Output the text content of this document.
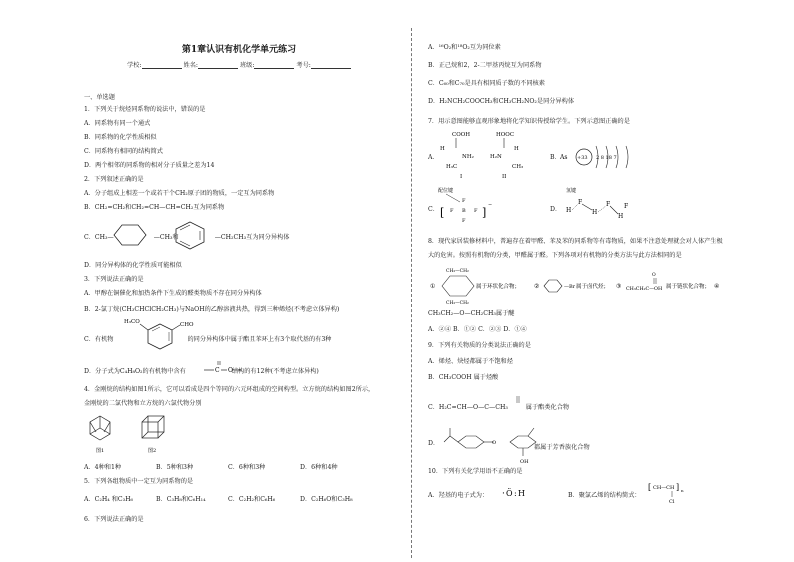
第1章认识有机化学单元练习
学校:	姓名:	班级:	考号:
一、单选题
1．下列关于烷烃同系物的说法中，错误的是
A．同系物有同一个通式
B．同系物的化学性质相似
C．同系物有相同的结构简式
D．两个相邻的同系物的相对分子质量之差为14
2．下列叙述正确的是
A．分子组成上相差一个或若干个CH₂原子团的物质，一定互为同系物
B．CH₂=CH₂和CH₂=CH—CH=CH₂互为同系物
C．CH₃—	—CH₃和	—CH₂CH₃互为同分异构体
D．同分异构体的化学性质可能相似
3．下列说法正确的是
A．甲醇在铜催化和加热条件下生成的醛类物质不存在同分异构体
B．2-氯丁烷(CH₃CHClCH₂CH₃)与NaOH的乙醇溶液共热，得到三种烯烃(不考虑立体异构)
C．有机物	的同分异构体中属于酯且苯环上有3个取代基的有3种
H₃CO	CHO
D．分子式为C₄H₈O₂的有机物中含有	结构的有12种(不考虑立体异构)
C O
4．金刚烷的结构如图1所示，它可以看成是四个等同的六元环组成的空间构型。立方烷的结构如图2所示，
金刚烷的二氯代物和立方烷的六氯代物分别
图1	图2
A．4种和1种	B．5种和3种	C．6种和3种	D．6种和4种
5．下列各组物质中一定互为同系物的是
A．C₂H₄ 和C₃H₆	B．C₃H₈和C₆H₁₄	C．C₂H₂和C₆H₆	D．C₂H₆O和C₃H₈
6．下列说法正确的是
A．¹⁶O₂和¹⁸O₂互为同位素
B．正己烷和2，2-二甲基丙烷互为同系物
C．C₆₀和C₇₀是具有相同质子数的不同核素
D．H₂NCH₂COOCH₃和CH₃CH₂NO₂是同分异构体
7．用示意图能够直观形象地将化学知识传授给学生。下列示意图正确的是
A．
COOH
H
NH₂
H₃C
I
HOOC
H₂N
H
CH₃
II
B． As +33 2 8 18 7
C．
配位键
[	]
F
F B F
F
−
D．
氢键
H
F
H
F
H
F
8．现代家居装修材料中，普遍存在着甲醛、苯及苯的同系物等有毒物质，如果不注意处理就会对人体产生极
大的危害。按照有机物的分类，甲醛属于醛。下列各项对有机物的分类方法与此方法相同的是
①
CH₂—CH₂
CH₂—CH₂
属于环状化合物； ②	—Br 属于卤代烃； ③ CH₃CH₂C—OH
O
属于链状化合物； ④
CH₃CH₂—O—CH₂CH₃属于醚
A．②④ B．①② C．②③ D．①④
9．下列有关物质的分类说法正确的是
A．烯烃、炔烃都属于不饱和烃
B．CH₃COOH 属于烃酸
C．H₂C=CH—O—C—CH₃	属于酯类化合物
D．	O
OH
都属于芳香族化合物
10．下列有关化学用语不正确的是
A．羟基的电子式为： · Ö : H	B．聚氯乙烯的结构简式：
[ CH—CH ] n
Cl
